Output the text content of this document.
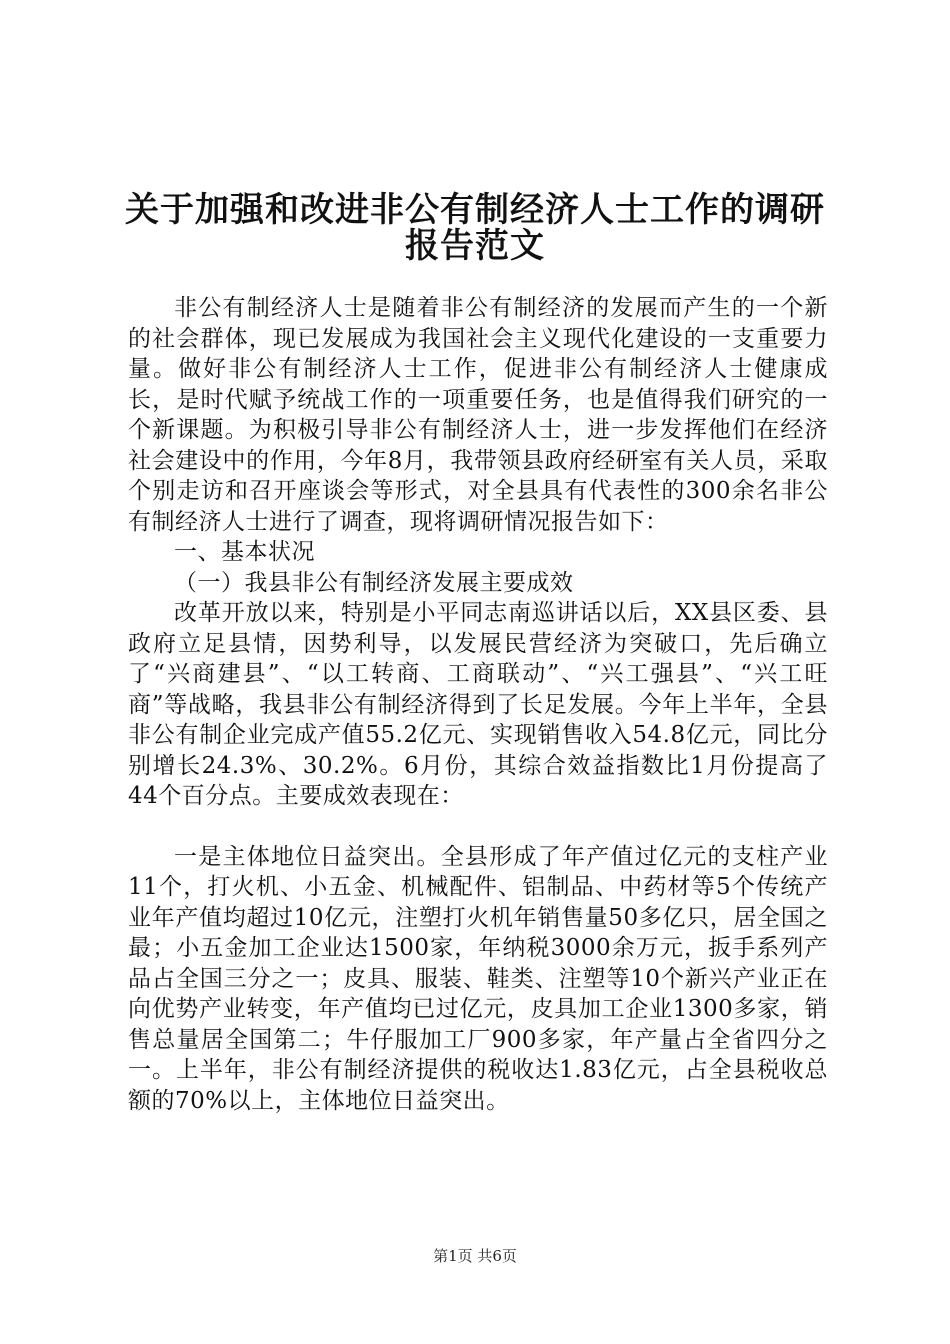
关于加强和改进非公有制经济人士工作的调研
报告范文

非公有制经济人士是随着非公有制经济的发展而产生的一个新的社会群体，现已发展成为我国社会主义现代化建设的一支重要力量。做好非公有制经济人士工作，促进非公有制经济人士健康成长，是时代赋予统战工作的一项重要任务，也是值得我们研究的一个新课题。为积极引导非公有制经济人士，进一步发挥他们在经济社会建设中的作用，今年8月，我带领县政府经研室有关人员，采取个别走访和召开座谈会等形式，对全县具有代表性的300余名非公有制经济人士进行了调查，现将调研情况报告如下：

一、基本状况

（一）我县非公有制经济发展主要成效

改革开放以来，特别是小平同志南巡讲话以后，XX县区委、县政府立足县情，因势利导，以发展民营经济为突破口，先后确立了“兴商建县”、“以工转商、工商联动”、“兴工强县”、“兴工旺商”等战略，我县非公有制经济得到了长足发展。今年上半年，全县非公有制企业完成产值55.2亿元、实现销售收入54.8亿元，同比分别增长24.3%、30.2%。6月份，其综合效益指数比1月份提高了44个百分点。主要成效表现在：

一是主体地位日益突出。全县形成了年产值过亿元的支柱产业11个，打火机、小五金、机械配件、铝制品、中药材等5个传统产业年产值均超过10亿元，注塑打火机年销售量50多亿只，居全国之最；小五金加工企业达1500家，年纳税3000余万元，扳手系列产品占全国三分之一；皮具、服装、鞋类、注塑等10个新兴产业正在向优势产业转变，年产值均已过亿元，皮具加工企业1300多家，销售总量居全国第二；牛仔服加工厂900多家，年产量占全省四分之一。上半年，非公有制经济提供的税收达1.83亿元，占全县税收总额的70%以上，主体地位日益突出。

第1页 共6页
